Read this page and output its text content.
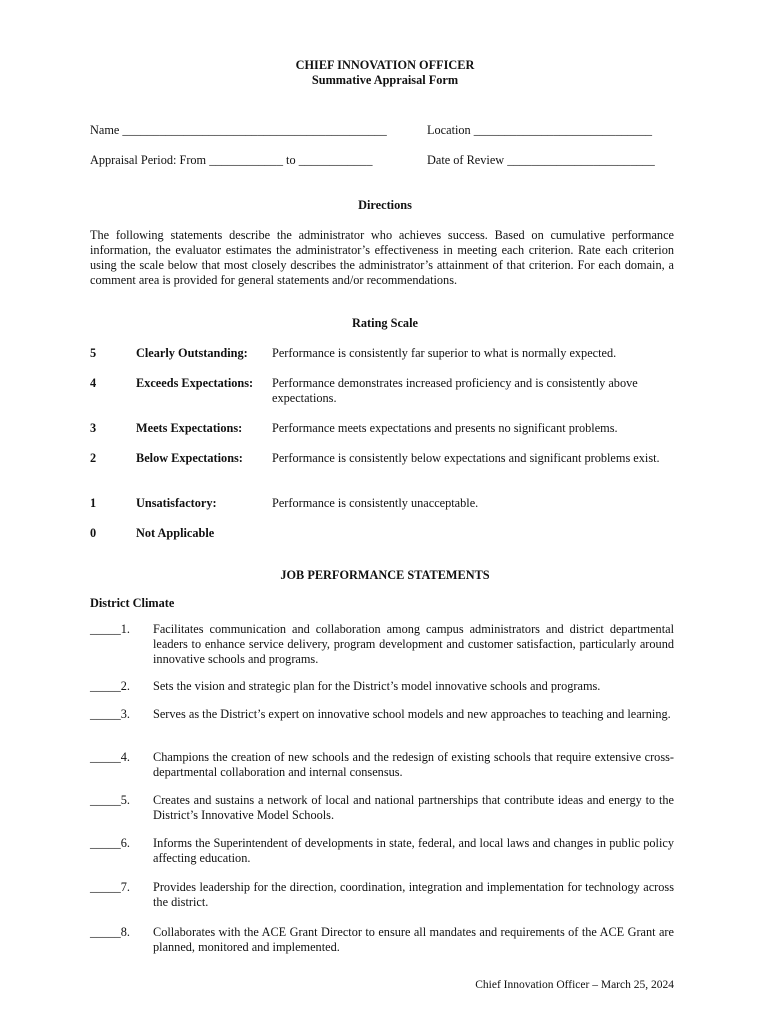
CHIEF INNOVATION OFFICER
Summative Appraisal Form
Name ___________________________________________	Location _____________________________
Appraisal Period: From ____________ to ____________	Date of Review ________________________
Directions
The following statements describe the administrator who achieves success. Based on cumulative performance information, the evaluator estimates the administrator’s effectiveness in meeting each criterion. Rate each criterion using the scale below that most closely describes the administrator’s attainment of that criterion. For each domain, a comment area is provided for general statements and/or recommendations.
Rating Scale
5	Clearly Outstanding: Performance is consistently far superior to what is normally expected.
4	Exceeds Expectations: Performance demonstrates increased proficiency and is consistently above expectations.
3	Meets Expectations: Performance meets expectations and presents no significant problems.
2	Below Expectations: Performance is consistently below expectations and significant problems exist.
1	Unsatisfactory:	Performance is consistently unacceptable.
0	Not Applicable
JOB PERFORMANCE STATEMENTS
District Climate
_____1. Facilitates communication and collaboration among campus administrators and district departmental leaders to enhance service delivery, program development and customer satisfaction, particularly around innovative schools and programs.
_____2. Sets the vision and strategic plan for the District’s model innovative schools and programs.
_____3. Serves as the District’s expert on innovative school models and new approaches to teaching and learning.
_____4. Champions the creation of new schools and the redesign of existing schools that require extensive cross-departmental collaboration and internal consensus.
_____5. Creates and sustains a network of local and national partnerships that contribute ideas and energy to the District’s Innovative Model Schools.
_____6. Informs the Superintendent of developments in state, federal, and local laws and changes in public policy affecting education.
_____7. Provides leadership for the direction, coordination, integration and implementation for technology across the district.
_____8. Collaborates with the ACE Grant Director to ensure all mandates and requirements of the ACE Grant are planned, monitored and implemented.
Chief Innovation Officer – March 25, 2024
